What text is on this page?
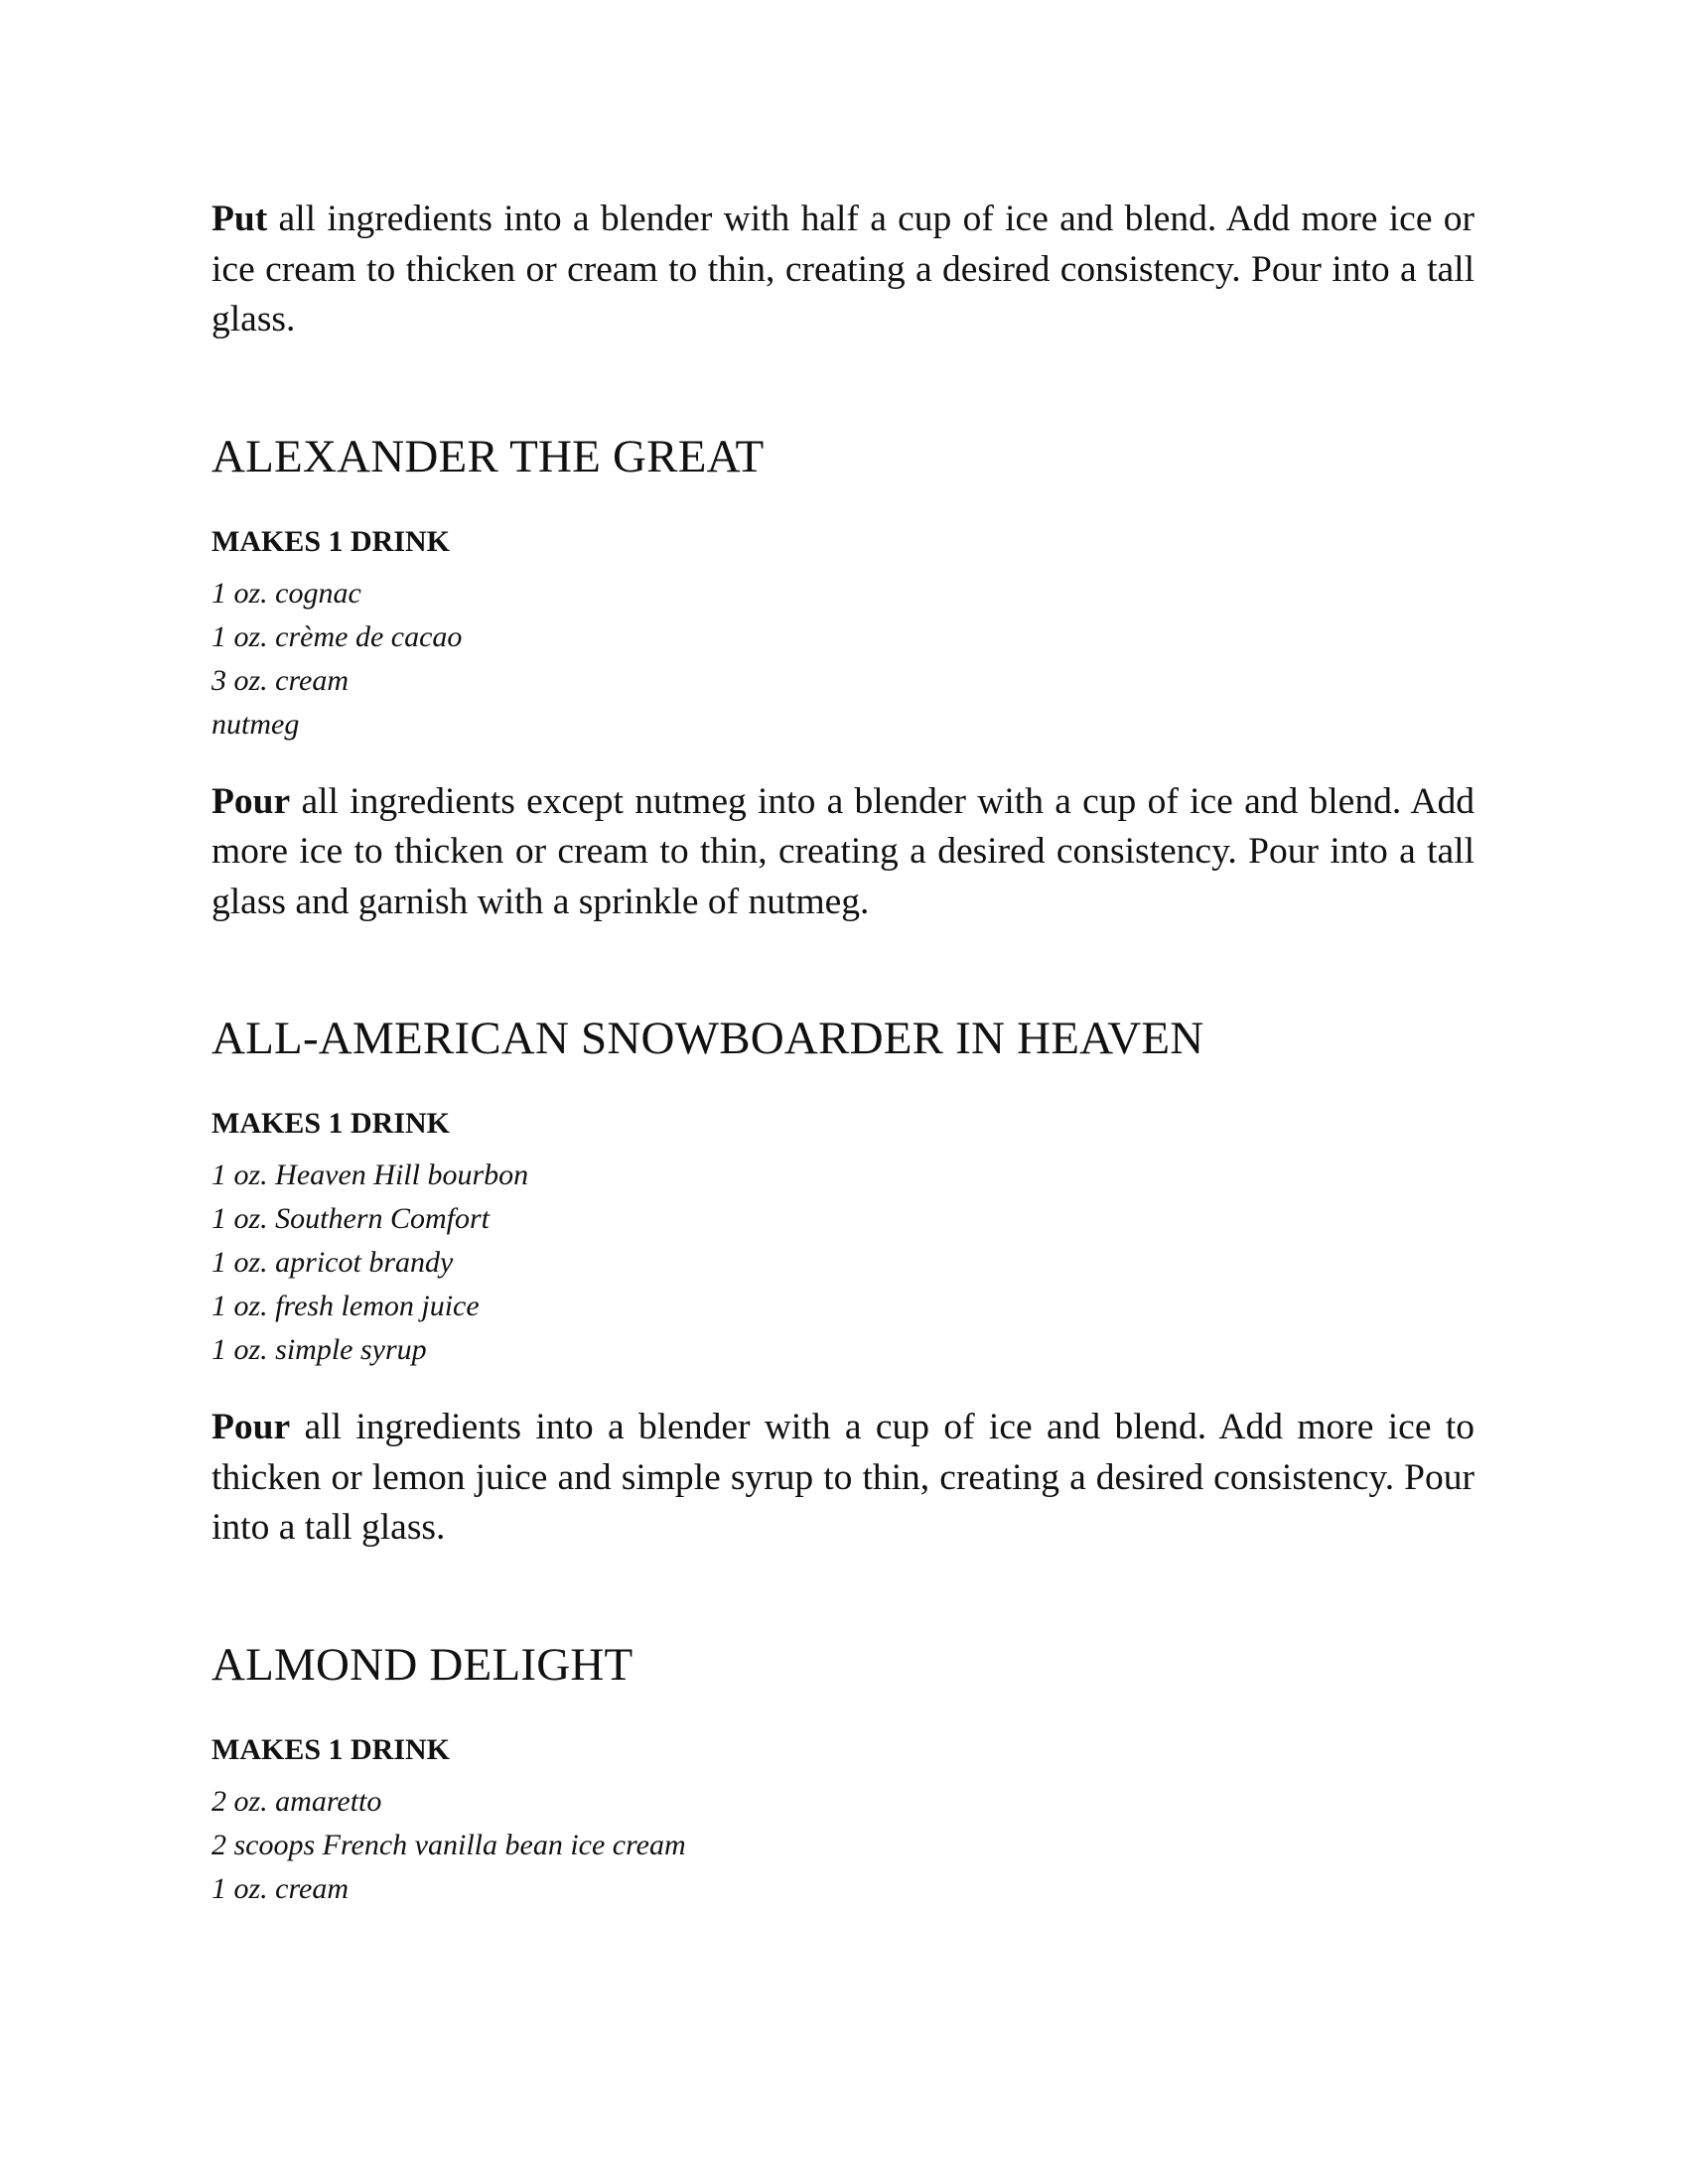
Put all ingredients into a blender with half a cup of ice and blend. Add more ice or ice cream to thicken or cream to thin, creating a desired consistency. Pour into a tall glass.

ALEXANDER THE GREAT

MAKES 1 DRINK

1 oz. cognac
1 oz. crème de cacao
3 oz. cream
nutmeg

Pour all ingredients except nutmeg into a blender with a cup of ice and blend. Add more ice to thicken or cream to thin, creating a desired consistency. Pour into a tall glass and garnish with a sprinkle of nutmeg.

ALL-AMERICAN SNOWBOARDER IN HEAVEN

MAKES 1 DRINK

1 oz. Heaven Hill bourbon
1 oz. Southern Comfort
1 oz. apricot brandy
1 oz. fresh lemon juice
1 oz. simple syrup

Pour all ingredients into a blender with a cup of ice and blend. Add more ice to thicken or lemon juice and simple syrup to thin, creating a desired consistency. Pour into a tall glass.

ALMOND DELIGHT

MAKES 1 DRINK

2 oz. amaretto
2 scoops French vanilla bean ice cream
1 oz. cream
